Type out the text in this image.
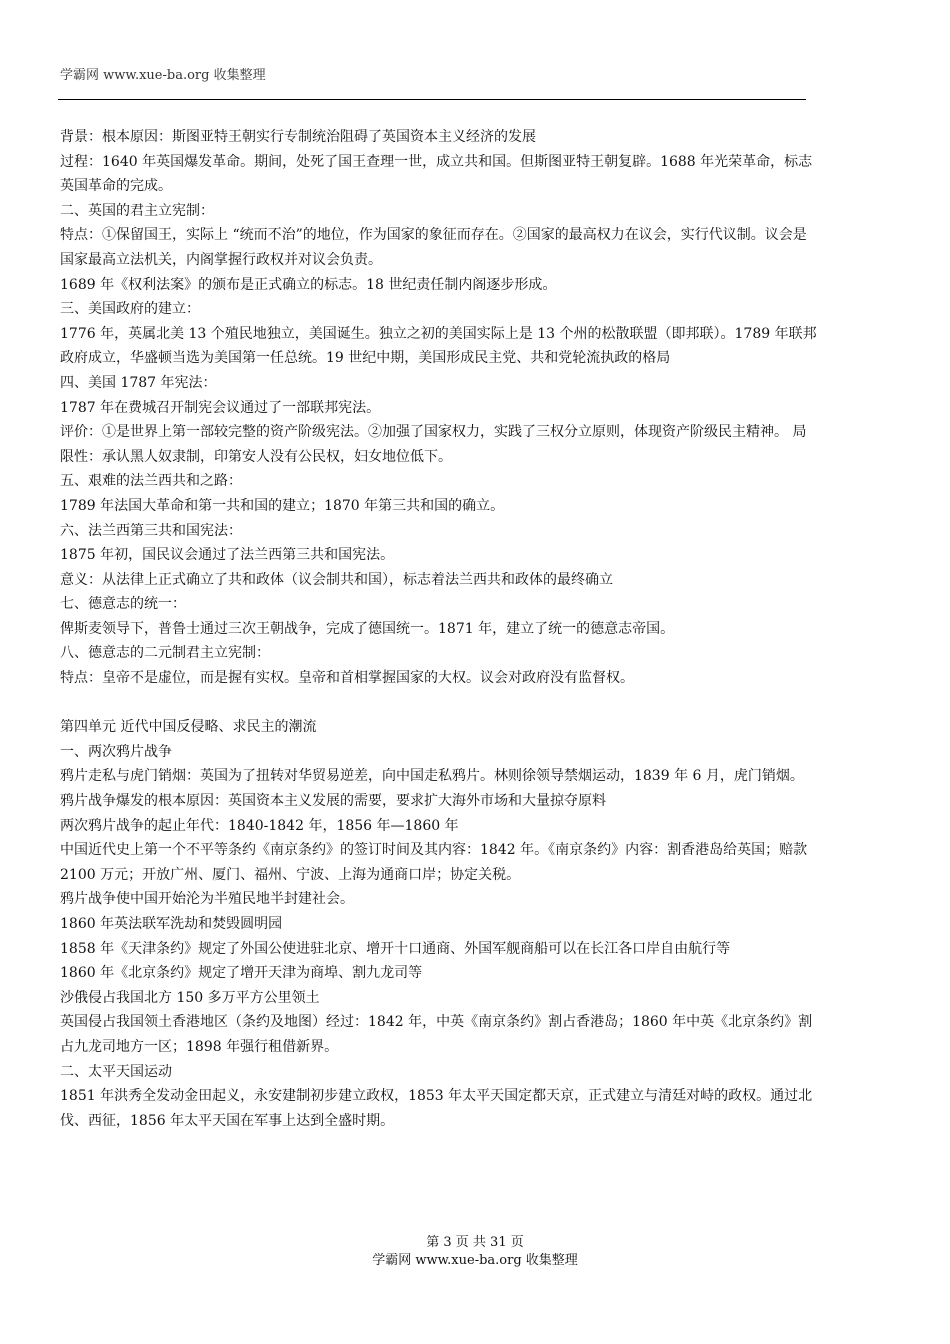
学霸网 www.xue-ba.org 收集整理

背景：根本原因：斯图亚特王朝实行专制统治阻碍了英国资本主义经济的发展

过程：1640 年英国爆发革命。期间，处死了国王查理一世，成立共和国。但斯图亚特王朝复辟。1688 年光荣革命，标志英国革命的完成。

二、英国的君主立宪制：

特点：①保留国王，实际上 “统而不治”的地位，作为国家的象征而存在。②国家的最高权力在议会，实行代议制。议会是国家最高立法机关，内阁掌握行政权并对议会负责。

1689 年《权利法案》的颁布是正式确立的标志。18 世纪责任制内阁逐步形成。

三、美国政府的建立：

1776 年，英属北美 13 个殖民地独立，美国诞生。独立之初的美国实际上是 13 个州的松散联盟（即邦联）。1789 年联邦政府成立，华盛顿当选为美国第一任总统。19 世纪中期，美国形成民主党、共和党轮流执政的格局

四、美国 1787 年宪法：

1787 年在费城召开制宪会议通过了一部联邦宪法。

评价：①是世界上第一部较完整的资产阶级宪法。②加强了国家权力，实践了三权分立原则，体现资产阶级民主精神。 局限性：承认黑人奴隶制，印第安人没有公民权，妇女地位低下。

五、艰难的法兰西共和之路：

1789 年法国大革命和第一共和国的建立；1870 年第三共和国的确立。

六、法兰西第三共和国宪法：

1875 年初，国民议会通过了法兰西第三共和国宪法。

意义：从法律上正式确立了共和政体（议会制共和国），标志着法兰西共和政体的最终确立

七、德意志的统一：

俾斯麦领导下，普鲁士通过三次王朝战争，完成了德国统一。1871 年，建立了统一的德意志帝国。

八、德意志的二元制君主立宪制：

特点：皇帝不是虚位，而是握有实权。皇帝和首相掌握国家的大权。议会对政府没有监督权。

第四单元 近代中国反侵略、求民主的潮流

一、两次鸦片战争

鸦片走私与虎门销烟：英国为了扭转对华贸易逆差，向中国走私鸦片。林则徐领导禁烟运动，1839 年 6 月，虎门销烟。

鸦片战争爆发的根本原因：英国资本主义发展的需要，要求扩大海外市场和大量掠夺原料

两次鸦片战争的起止年代：1840-1842 年，1856 年—1860 年

中国近代史上第一个不平等条约《南京条约》的签订时间及其内容：1842 年。《南京条约》内容：割香港岛给英国；赔款 2100 万元；开放广州、厦门、福州、宁波、上海为通商口岸；协定关税。

鸦片战争使中国开始沦为半殖民地半封建社会。

1860 年英法联军洗劫和焚毁圆明园

1858 年《天津条约》规定了外国公使进驻北京、增开十口通商、外国军舰商船可以在长江各口岸自由航行等

1860 年《北京条约》规定了增开天津为商埠、割九龙司等

沙俄侵占我国北方 150 多万平方公里领土

英国侵占我国领土香港地区（条约及地图）经过：1842 年，中英《南京条约》割占香港岛；1860 年中英《北京条约》割占九龙司地方一区；1898 年强行租借新界。

二、太平天国运动

1851 年洪秀全发动金田起义，永安建制初步建立政权，1853 年太平天国定都天京，正式建立与清廷对峙的政权。通过北伐、西征，1856 年太平天国在军事上达到全盛时期。

第 3 页 共 31 页
学霸网 www.xue-ba.org 收集整理
